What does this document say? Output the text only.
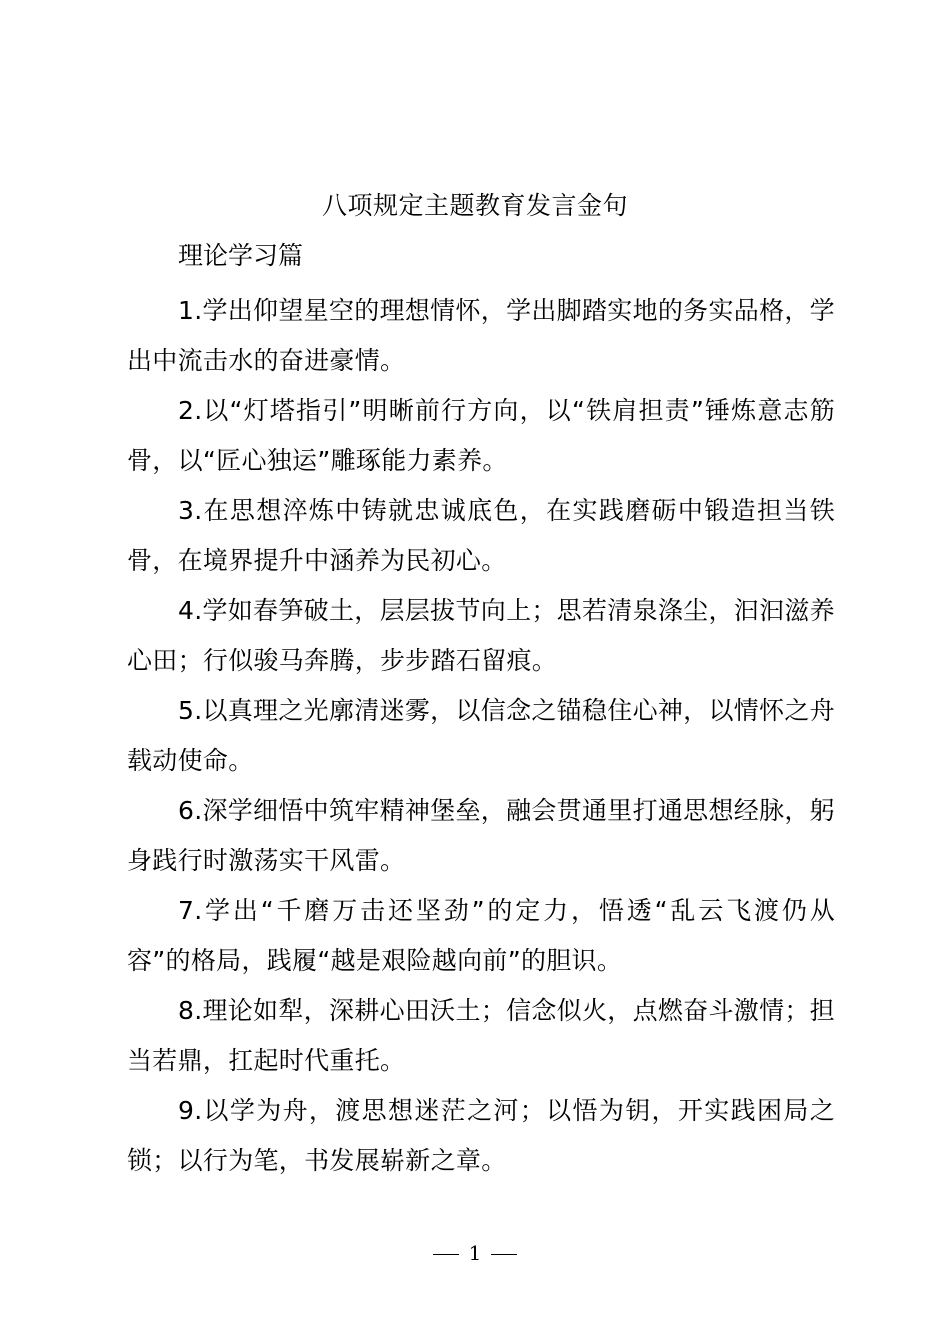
八项规定主题教育发言金句
理论学习篇

1.学出仰望星空的理想情怀，学出脚踏实地的务实品格，学出中流击水的奋进豪情。

2.以“灯塔指引”明晰前行方向，以“铁肩担责”锤炼意志筋骨，以“匠心独运”雕琢能力素养。

3.在思想淬炼中铸就忠诚底色，在实践磨砺中锻造担当铁骨，在境界提升中涵养为民初心。

4.学如春笋破土，层层拔节向上；思若清泉涤尘，汩汩滋养心田；行似骏马奔腾，步步踏石留痕。

5.以真理之光廓清迷雾，以信念之锚稳住心神，以情怀之舟载动使命。

6.深学细悟中筑牢精神堡垒，融会贯通里打通思想经脉，躬身践行时激荡实干风雷。

7.学出“千磨万击还坚劲”的定力，悟透“乱云飞渡仍从容”的格局，践履“越是艰险越向前”的胆识。

8.理论如犁，深耕心田沃土；信念似火，点燃奋斗激情；担当若鼎，扛起时代重托。

9.以学为舟，渡思想迷茫之河；以悟为钥，开实践困局之锁；以行为笔，书发展崭新之章。

1
